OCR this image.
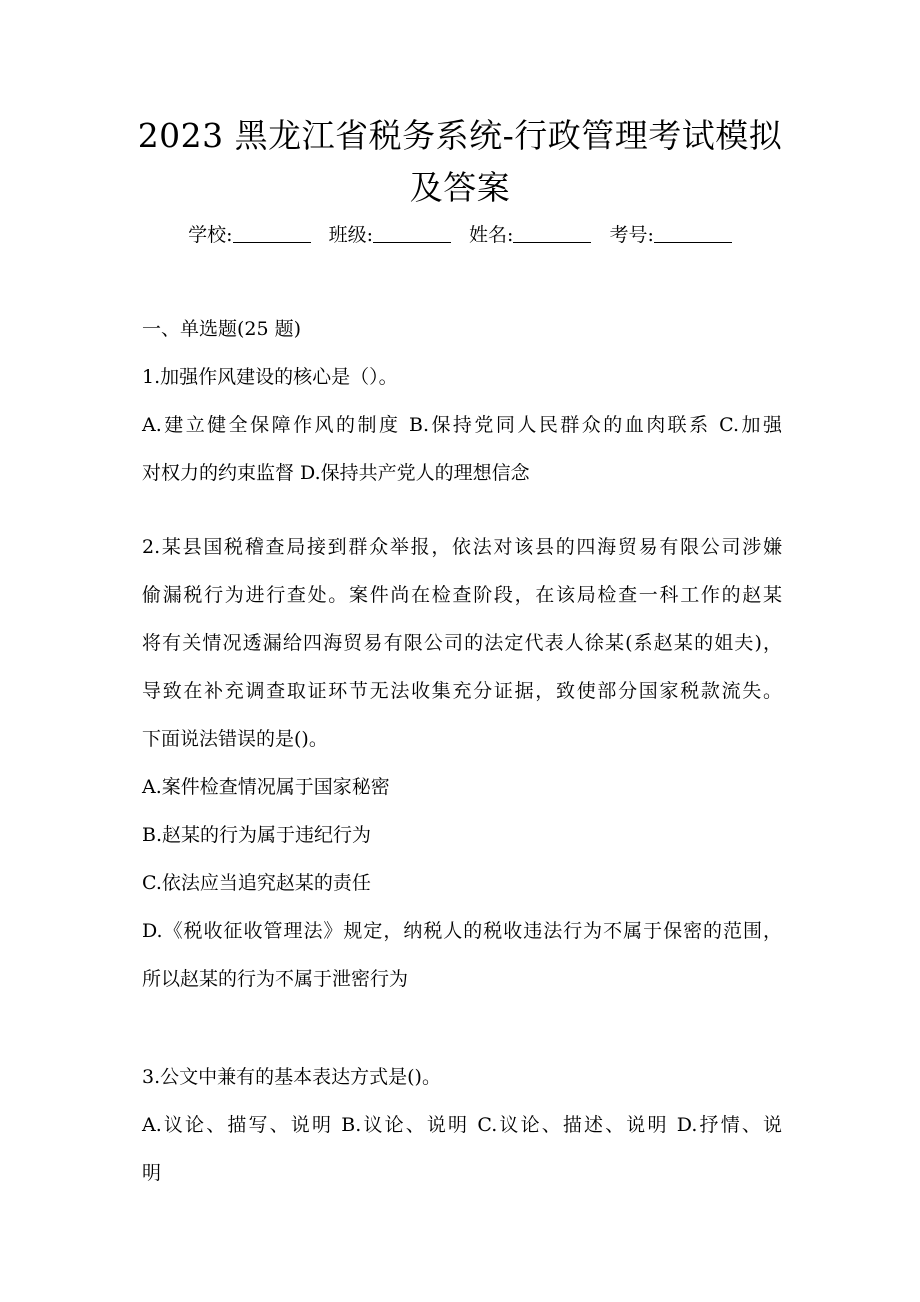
2023 黑龙江省税务系统-行政管理考试模拟
及答案
学校:	班级:	姓名:	考号:
一、单选题(25 题)
1.加强作风建设的核心是（）。
A.建立健全保障作风的制度 B.保持党同人民群众的血肉联系 C.加强
对权力的约束监督 D.保持共产党人的理想信念
2.某县国税稽查局接到群众举报，依法对该县的四海贸易有限公司涉嫌
偷漏税行为进行查处。案件尚在检查阶段，在该局检查一科工作的赵某
将有关情况透漏给四海贸易有限公司的法定代表人徐某(系赵某的姐夫)，
导致在补充调查取证环节无法收集充分证据，致使部分国家税款流失。
下面说法错误的是()。
A.案件检查情况属于国家秘密
B.赵某的行为属于违纪行为
C.依法应当追究赵某的责任
D.《税收征收管理法》规定，纳税人的税收违法行为不属于保密的范围，
所以赵某的行为不属于泄密行为
3.公文中兼有的基本表达方式是()。
A.议论、描写、说明 B.议论、说明 C.议论、描述、说明 D.抒情、说
明
